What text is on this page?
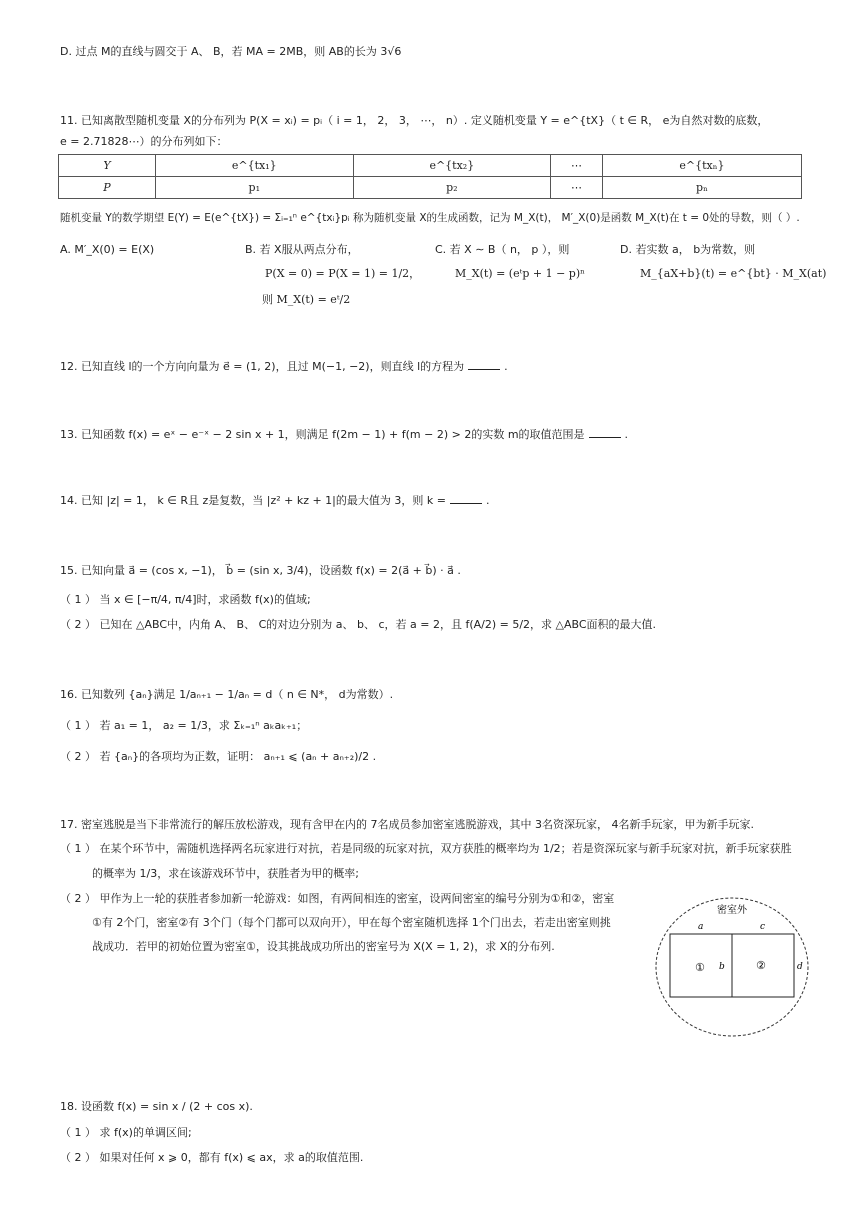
D. 过点 M的直线与圆交于 A、 B，若 MA = 2MB，则 AB的长为 3√6
11. 已知离散型随机变量 X的分布列为 P(X = xᵢ) = pᵢ（ i = 1， 2， 3， ⋯， n）. 定义随机变量 Y = e^{tX}（ t ∈ R， e为自然对数的底数，
e = 2.71828⋯）的分布列如下：
Y	e^{tx₁}	e^{tx₂}	⋯	e^{txₙ}
P	p₁	p₂	⋯	pₙ
随机变量 Y的数学期望 E(Y) = E(e^{tX}) = Σᵢ₌₁ⁿ e^{txᵢ}pᵢ 称为随机变量 X的生成函数，记为 M_X(t)， M′_X(0)是函数 M_X(t)在 t = 0处的导数，则（ ）.
A. M′_X(0) = E(X)	B. 若 X服从两点分布，
P(X = 0) = P(X = 1) = 1/2，
则 M_X(t) = eᵗ/2
C. 若 X ∼ B（ n， p ），则
M_X(t) = (eᵗp + 1 − p)ⁿ
D. 若实数 a， b为常数，则
M_{aX+b}(t) = e^{bt} · M_X(at)
12. 已知直线 l的一个方向向量为 e⃗ = (1, 2)，且过 M(−1, −2)，则直线 l的方程为	.
13. 已知函数 f(x) = eˣ − e⁻ˣ − 2 sin x + 1，则满足 f(2m − 1) + f(m − 2) > 2的实数 m的取值范围是	.
14. 已知 |z| = 1， k ∈ R且 z是复数，当 |z² + kz + 1|的最大值为 3，则 k =	.
15. 已知向量 a⃗ = (cos x, −1)， b⃗ = (sin x, 3/4)，设函数 f(x) = 2(a⃗ + b⃗) · a⃗ .
（ 1 ） 当 x ∈ [−π/4, π/4]时，求函数 f(x)的值域;
（ 2 ） 已知在 △ABC中，内角 A、 B、 C的对边分别为 a、 b、 c，若 a = 2，且 f(A/2) = 5/2，求 △ABC面积的最大值.
16. 已知数列 {aₙ}满足 1/aₙ₊₁ − 1/aₙ = d（ n ∈ N*， d为常数）.
（ 1 ） 若 a₁ = 1， a₂ = 1/3，求 Σₖ₌₁ⁿ aₖaₖ₊₁；
（ 2 ） 若 {aₙ}的各项均为正数，证明： aₙ₊₁ ⩽ (aₙ + aₙ₊₂)/2 .
17. 密室逃脱是当下非常流行的解压放松游戏，现有含甲在内的 7名成员参加密室逃脱游戏，其中 3名资深玩家， 4名新手玩家，甲为新手玩家.
（ 1 ） 在某个环节中，需随机选择两名玩家进行对抗，若是同级的玩家对抗，双方获胜的概率均为 1/2；若是资深玩家与新手玩家对抗，新手玩家获胜
的概率为 1/3，求在该游戏环节中，获胜者为甲的概率;
（ 2 ） 甲作为上一轮的获胜者参加新一轮游戏：如图，有两间相连的密室，设两间密室的编号分别为①和②，密室
①有 2个门，密室②有 3个门（每个门都可以双向开），甲在每个密室随机选择 1个门出去，若走出密室则挑
战成功．若甲的初始位置为密室①，设其挑战成功所出的密室号为 X(X = 1, 2)，求 X的分布列.
密室外
a	c
b	d
①	②
18. 设函数 f(x) = sin x / (2 + cos x).
（ 1 ） 求 f(x)的单调区间;
（ 2 ） 如果对任何 x ⩾ 0，都有 f(x) ⩽ ax，求 a的取值范围.
